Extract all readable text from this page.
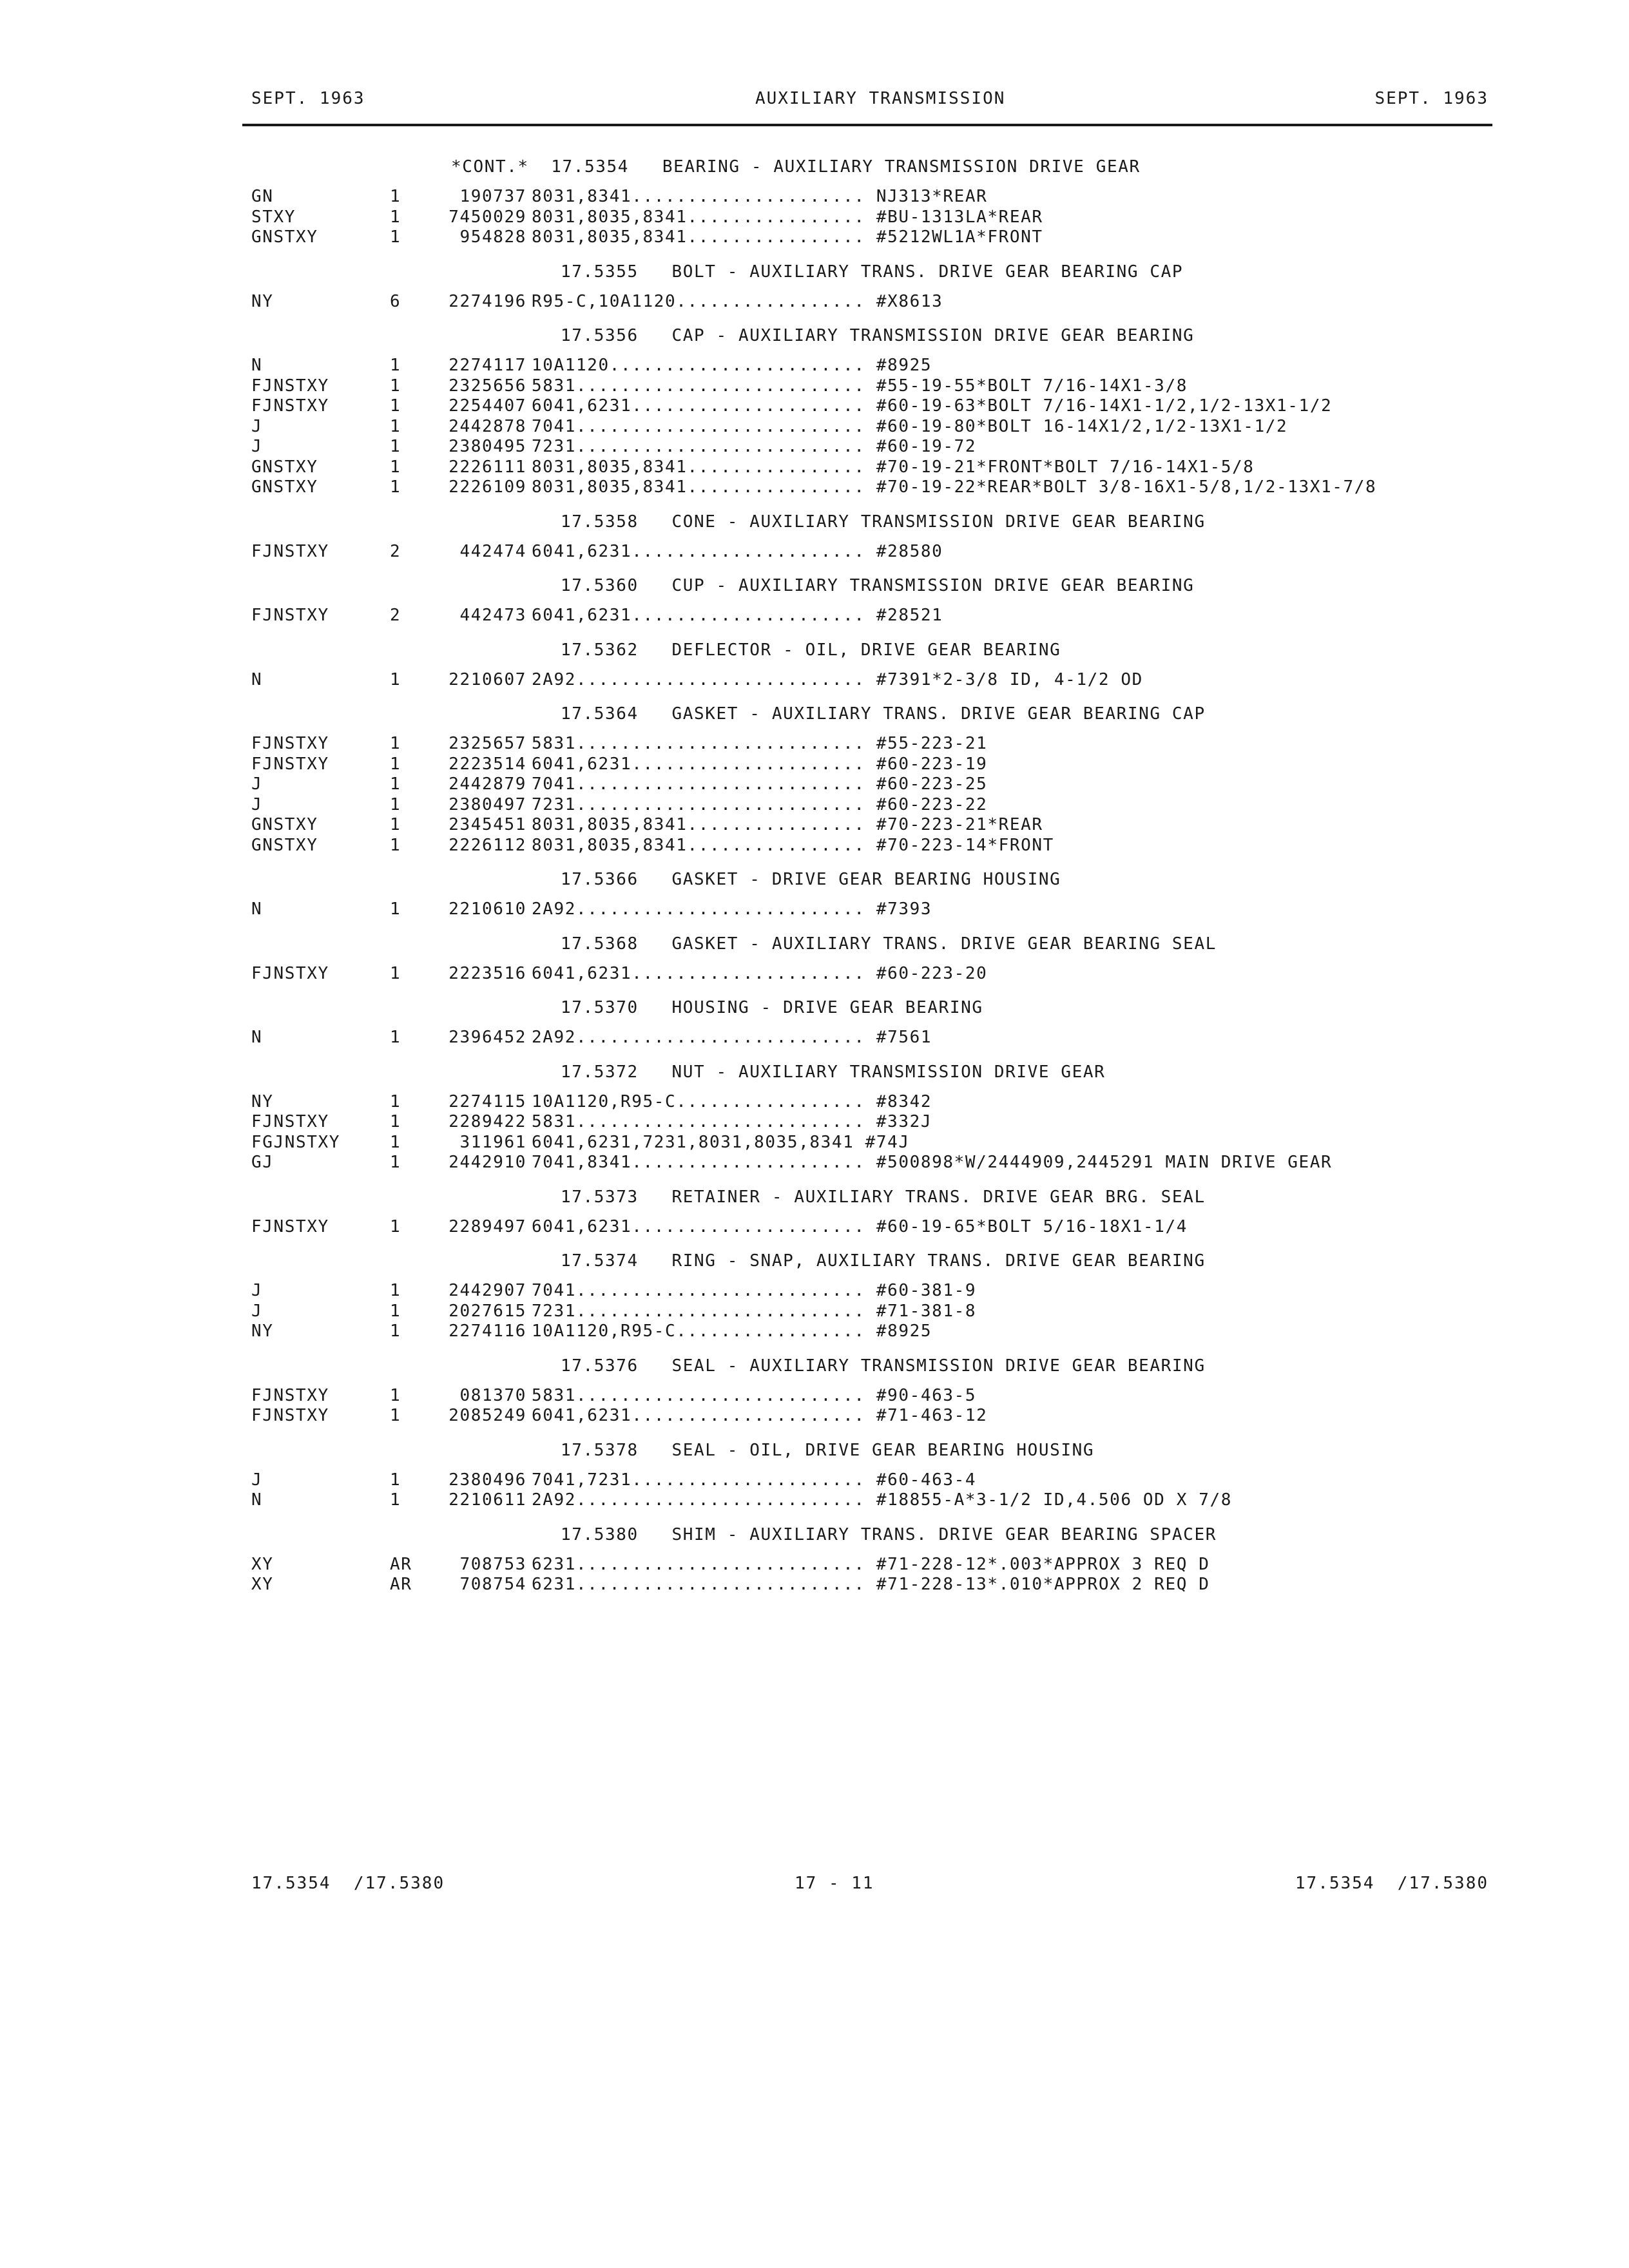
SEPT. 1963	AUXILIARY TRANSMISSION	SEPT. 1963
*CONT.*  17.5354   BEARING - AUXILIARY TRANSMISSION DRIVE GEAR
GN	1	190737 8031,8341..................... NJ313*REAR
STXY	1	7450029 8031,8035,8341................ #BU-1313LA*REAR
GNSTXY	1	954828 8031,8035,8341................ #5212WL1A*FRONT
17.5355   BOLT - AUXILIARY TRANS. DRIVE GEAR BEARING CAP
NY	6	2274196 R95-C,10A1120................. #X8613
17.5356   CAP - AUXILIARY TRANSMISSION DRIVE GEAR BEARING
N	1	2274117 10A1120....................... #8925
FJNSTXY	1	2325656 5831.......................... #55-19-55*BOLT 7/16-14X1-3/8
FJNSTXY	1	2254407 6041,6231..................... #60-19-63*BOLT 7/16-14X1-1/2,1/2-13X1-1/2
J	1	2442878 7041.......................... #60-19-80*BOLT 16-14X1/2,1/2-13X1-1/2
J	1	2380495 7231.......................... #60-19-72
GNSTXY	1	2226111 8031,8035,8341................ #70-19-21*FRONT*BOLT 7/16-14X1-5/8
GNSTXY	1	2226109 8031,8035,8341................ #70-19-22*REAR*BOLT 3/8-16X1-5/8,1/2-13X1-7/8
17.5358   CONE - AUXILIARY TRANSMISSION DRIVE GEAR BEARING
FJNSTXY	2	442474 6041,6231..................... #28580
17.5360   CUP - AUXILIARY TRANSMISSION DRIVE GEAR BEARING
FJNSTXY	2	442473 6041,6231..................... #28521
17.5362   DEFLECTOR - OIL, DRIVE GEAR BEARING
N	1	2210607 2A92.......................... #7391*2-3/8 ID, 4-1/2 OD
17.5364   GASKET - AUXILIARY TRANS. DRIVE GEAR BEARING CAP
FJNSTXY	1	2325657 5831.......................... #55-223-21
FJNSTXY	1	2223514 6041,6231..................... #60-223-19
J	1	2442879 7041.......................... #60-223-25
J	1	2380497 7231.......................... #60-223-22
GNSTXY	1	2345451 8031,8035,8341................ #70-223-21*REAR
GNSTXY	1	2226112 8031,8035,8341................ #70-223-14*FRONT
17.5366   GASKET - DRIVE GEAR BEARING HOUSING
N	1	2210610 2A92.......................... #7393
17.5368   GASKET - AUXILIARY TRANS. DRIVE GEAR BEARING SEAL
FJNSTXY	1	2223516 6041,6231..................... #60-223-20
17.5370   HOUSING - DRIVE GEAR BEARING
N	1	2396452 2A92.......................... #7561
17.5372   NUT - AUXILIARY TRANSMISSION DRIVE GEAR
NY	1	2274115 10A1120,R95-C................. #8342
FJNSTXY	1	2289422 5831.......................... #332J
FGJNSTXY	1	311961 6041,6231,7231,8031,8035,8341 #74J
GJ	1	2442910 7041,8341..................... #500898*W/2444909,2445291 MAIN DRIVE GEAR
17.5373   RETAINER - AUXILIARY TRANS. DRIVE GEAR BRG. SEAL
FJNSTXY	1	2289497 6041,6231..................... #60-19-65*BOLT 5/16-18X1-1/4
17.5374   RING - SNAP, AUXILIARY TRANS. DRIVE GEAR BEARING
J	1	2442907 7041.......................... #60-381-9
J	1	2027615 7231.......................... #71-381-8
NY	1	2274116 10A1120,R95-C................. #8925
17.5376   SEAL - AUXILIARY TRANSMISSION DRIVE GEAR BEARING
FJNSTXY	1	081370 5831.......................... #90-463-5
FJNSTXY	1	2085249 6041,6231..................... #71-463-12
17.5378   SEAL - OIL, DRIVE GEAR BEARING HOUSING
J	1	2380496 7041,7231..................... #60-463-4
N	1	2210611 2A92.......................... #18855-A*3-1/2 ID,4.506 OD X 7/8
17.5380   SHIM - AUXILIARY TRANS. DRIVE GEAR BEARING SPACER
XY	AR	708753 6231.......................... #71-228-12*.003*APPROX 3 REQ D
XY	AR	708754 6231.......................... #71-228-13*.010*APPROX 2 REQ D
17.5354  /17.5380	17 - 11	17.5354  /17.5380
